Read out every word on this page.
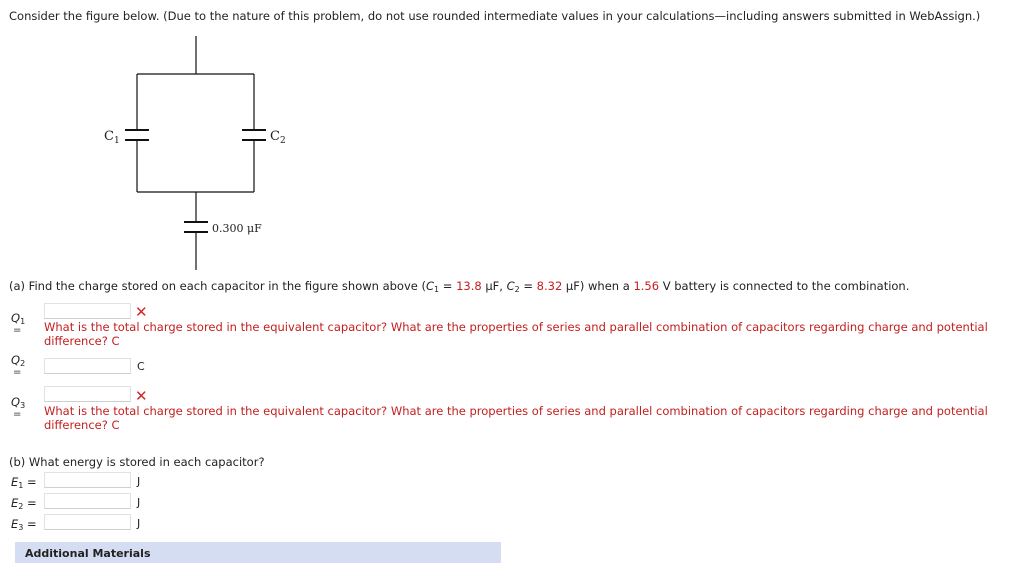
Consider the figure below. (Due to the nature of this problem, do not use rounded intermediate values in your calculations—including answers submitted in WebAssign.)
$C_1$	$C_2$
0.300 μF
(a) Find the charge stored on each capacitor in the figure shown above ($C_1 = 13.8$ μF, $C_2 = 8.32$ μF) when a 1.56 V battery is connected to the combination.
$Q_1$
=
✕
What is the total charge stored in the equivalent capacitor? What are the properties of series and parallel combination of capacitors regarding charge and potential
difference? C
$Q_2$
=	C
$Q_3$
=
✕
What is the total charge stored in the equivalent capacitor? What are the properties of series and parallel combination of capacitors regarding charge and potential
difference? C
(b) What energy is stored in each capacitor?
$E_1$ =	J
$E_2$ =	J
$E_3$ =	J
Additional Materials
